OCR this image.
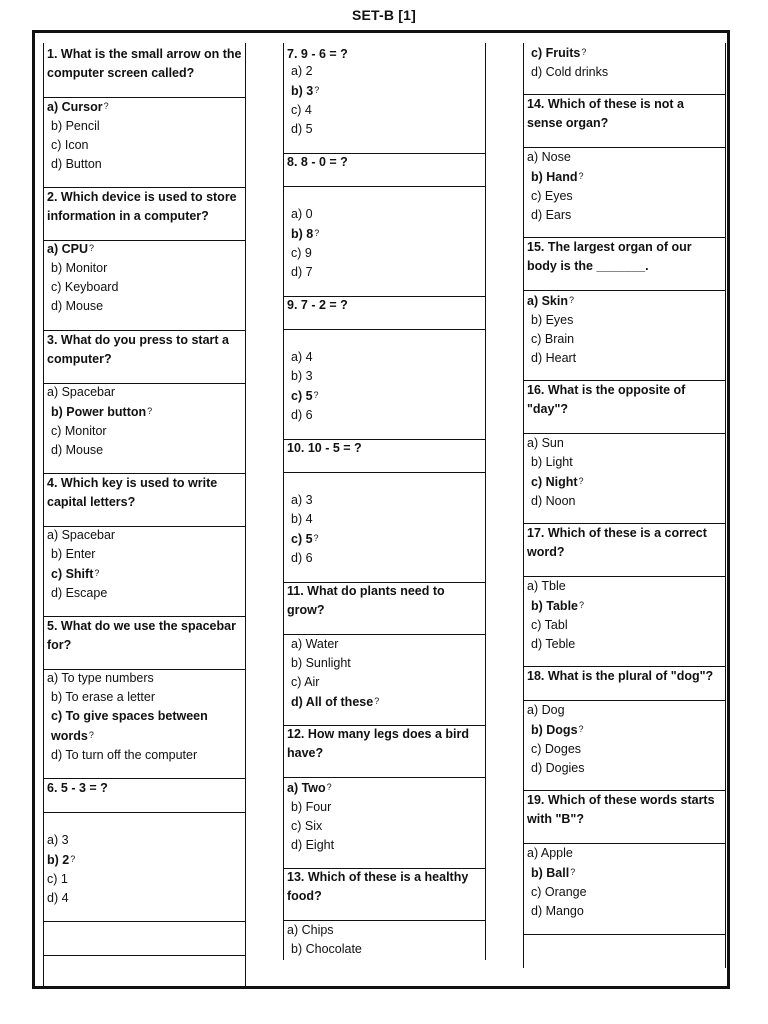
SET-B [1]
1. What is the small arrow on the computer screen called?
a) Cursor?
b) Pencil
c) Icon
d) Button
2. Which device is used to store information in a computer?
a) CPU?
b) Monitor
c) Keyboard
d) Mouse
3. What do you press to start a computer?
a) Spacebar
b) Power button?
c) Monitor
d) Mouse
4. Which key is used to write capital letters?
a) Spacebar
b) Enter
c) Shift?
d) Escape
5. What do we use the spacebar for?
a) To type numbers
b) To erase a letter
c) To give spaces between words?
d) To turn off the computer
6. 5 - 3 = ?
a) 3
b) 2?
c) 1
d) 4
7. 9 - 6 = ?
a) 2
b) 3?
c) 4
d) 5
8. 8 - 0 = ?
a) 0
b) 8?
c) 9
d) 7
9. 7 - 2 = ?
a) 4
b) 3
c) 5?
d) 6
10. 10 - 5 = ?
a) 3
b) 4
c) 5?
d) 6
11. What do plants need to grow?
a) Water
b) Sunlight
c) Air
d) All of these?
12. How many legs does a bird have?
a) Two?
b) Four
c) Six
d) Eight
13. Which of these is a healthy food?
a) Chips
b) Chocolate
c) Fruits?
d) Cold drinks
14. Which of these is not a sense organ?
a) Nose
b) Hand?
c) Eyes
d) Ears
15. The largest organ of our body is the _______.
a) Skin?
b) Eyes
c) Brain
d) Heart
16. What is the opposite of "day"?
a) Sun
b) Light
c) Night?
d) Noon
17. Which of these is a correct word?
a) Tble
b) Table?
c) Tabl
d) Teble
18. What is the plural of "dog"?
a) Dog
b) Dogs?
c) Doges
d) Dogies
19. Which of these words starts with "B"?
a) Apple
b) Ball?
c) Orange
d) Mango
